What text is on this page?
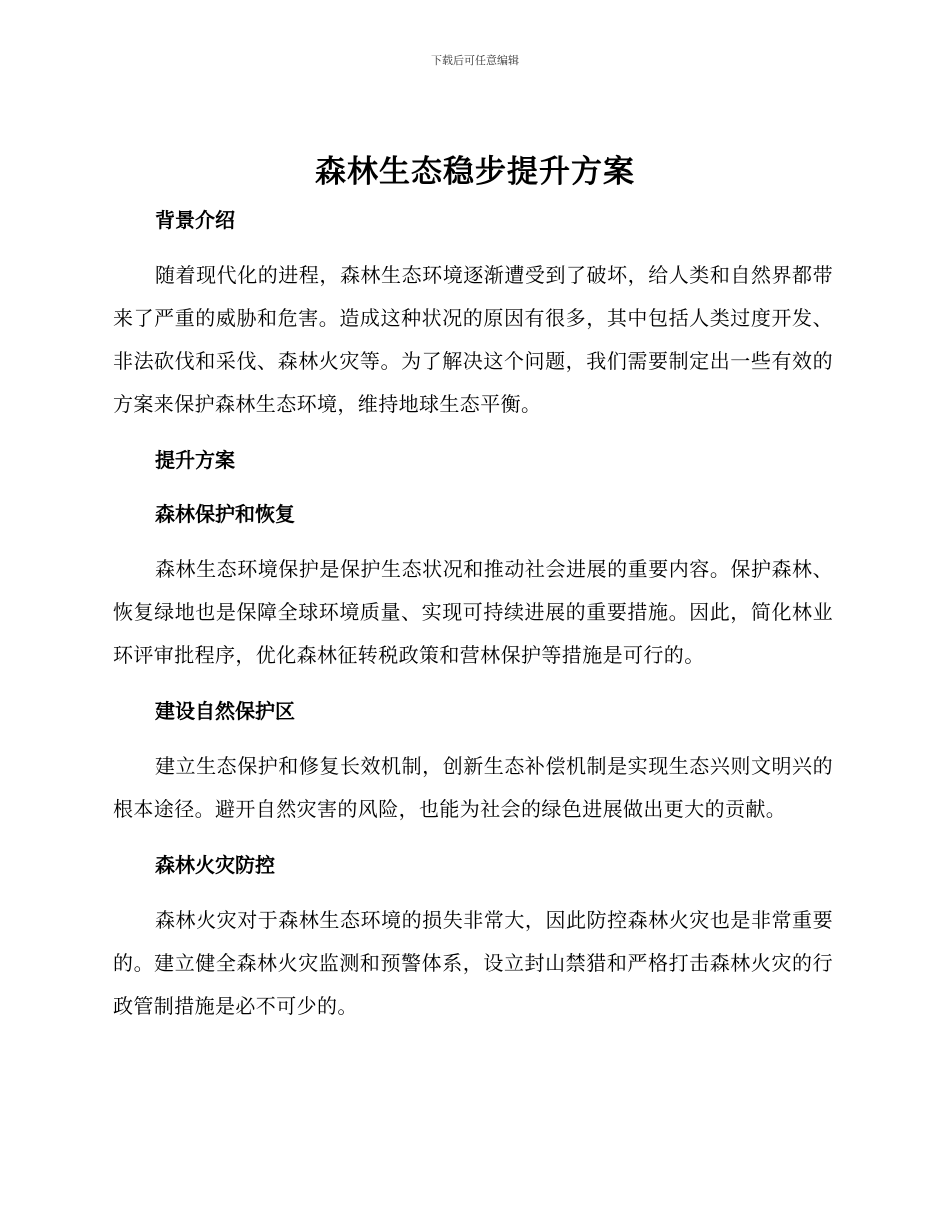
下载后可任意编辑
森林生态稳步提升方案
背景介绍

随着现代化的进程，森林生态环境逐渐遭受到了破坏，给人类和自然界都带来了严重的威胁和危害。造成这种状况的原因有很多，其中包括人类过度开发、非法砍伐和采伐、森林火灾等。为了解决这个问题，我们需要制定出一些有效的方案来保护森林生态环境，维持地球生态平衡。

提升方案
森林保护和恢复

森林生态环境保护是保护生态状况和推动社会进展的重要内容。保护森林、恢复绿地也是保障全球环境质量、实现可持续进展的重要措施。因此，简化林业环评审批程序，优化森林征转税政策和营林保护等措施是可行的。

建设自然保护区

建立生态保护和修复长效机制，创新生态补偿机制是实现生态兴则文明兴的根本途径。避开自然灾害的风险，也能为社会的绿色进展做出更大的贡献。

森林火灾防控

森林火灾对于森林生态环境的损失非常大，因此防控森林火灾也是非常重要的。建立健全森林火灾监测和预警体系，设立封山禁猎和严格打击森林火灾的行政管制措施是必不可少的。
